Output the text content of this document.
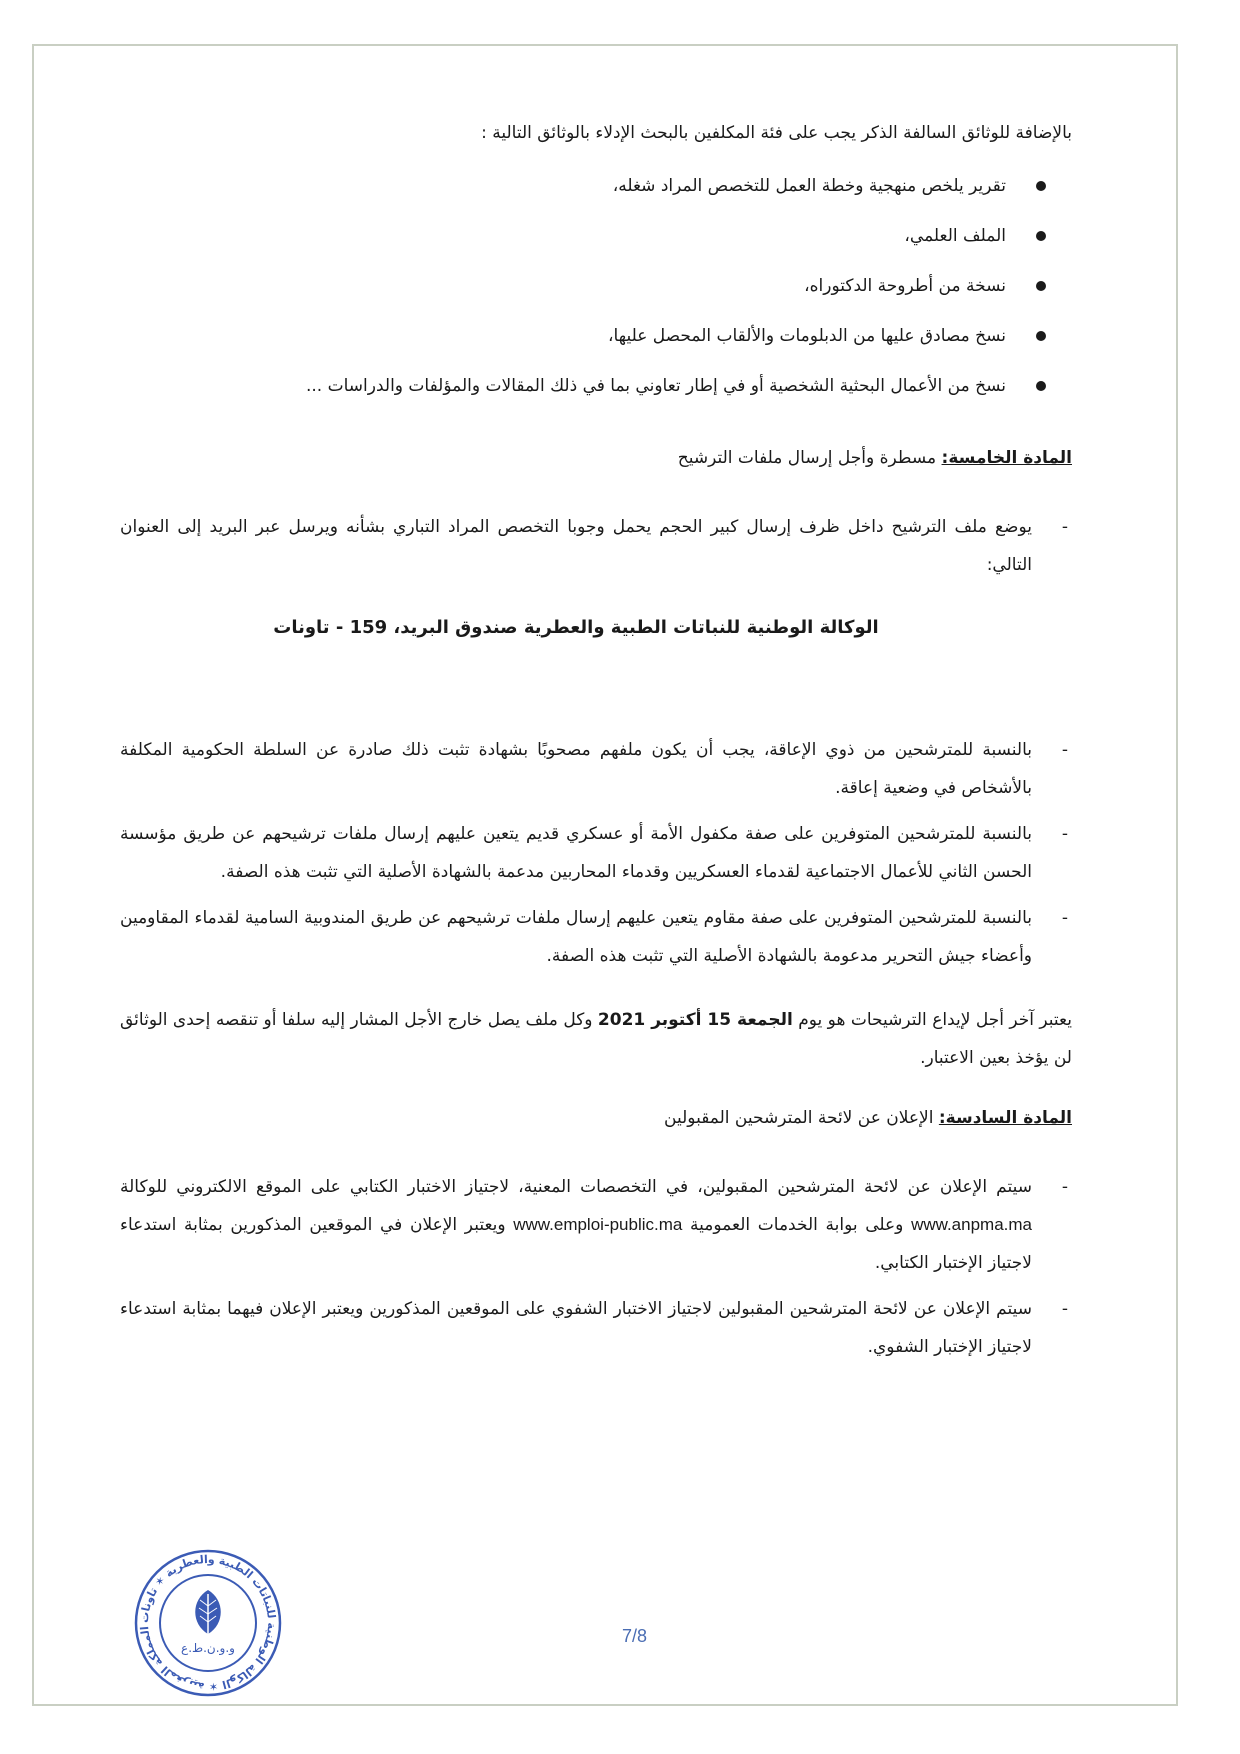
بالإضافة للوثائق السالفة الذكر يجب على فئة المكلفين بالبحث الإدلاء بالوثائق التالية :

تقرير يلخص منهجية وخطة العمل للتخصص المراد شغله،
الملف العلمي،
نسخة من أطروحة الدكتوراه،
نسخ مصادق عليها من الدبلومات والألقاب المحصل عليها،
نسخ من الأعمال البحثية الشخصية أو في إطار تعاوني بما في ذلك المقالات والمؤلفات والدراسات ...

المادة الخامسة: مسطرة وأجل إرسال ملفات الترشيح

- يوضع ملف الترشيح داخل ظرف إرسال كبير الحجم يحمل وجوبا التخصص المراد التباري بشأنه ويرسل عبر البريد إلى العنوان التالي:

الوكالة الوطنية للنباتات الطبية والعطرية صندوق البريد، 159 - تاونات

- بالنسبة للمترشحين من ذوي الإعاقة، يجب أن يكون ملفهم مصحوبًا بشهادة تثبت ذلك صادرة عن السلطة الحكومية المكلفة بالأشخاص في وضعية إعاقة.
- بالنسبة للمترشحين المتوفرين على صفة مكفول الأمة أو عسكري قديم يتعين عليهم إرسال ملفات ترشيحهم عن طريق مؤسسة الحسن الثاني للأعمال الاجتماعية لقدماء العسكريين وقدماء المحاربين مدعمة بالشهادة الأصلية التي تثبت هذه الصفة.
- بالنسبة للمترشحين المتوفرين على صفة مقاوم يتعين عليهم إرسال ملفات ترشيحهم عن طريق المندوبية السامية لقدماء المقاومين وأعضاء جيش التحرير مدعومة بالشهادة الأصلية التي تثبت هذه الصفة.

يعتبر آخر أجل لإيداع الترشيحات هو يوم الجمعة 15 أكتوبر 2021 وكل ملف يصل خارج الأجل المشار إليه سلفا أو تنقصه إحدى الوثائق لن يؤخذ بعين الاعتبار.

المادة السادسة: الإعلان عن لائحة المترشحين المقبولين

- سيتم الإعلان عن لائحة المترشحين المقبولين، في التخصصات المعنية، لاجتياز الاختبار الكتابي على الموقع الالكتروني للوكالة www.anpma.ma وعلى بوابة الخدمات العمومية www.emploi-public.ma ويعتبر الإعلان في الموقعين المذكورين بمثابة استدعاء لاجتياز الإختبار الكتابي.
- سيتم الإعلان عن لائحة المترشحين المقبولين لاجتياز الاختبار الشفوي على الموقعين المذكورين ويعتبر الإعلان فيهما بمثابة استدعاء لاجتياز الإختبار الشفوي.
المملكة المغربية ✶ الوكالة الوطنية للنباتات الطبية والعطرية ✶ تاونات
و.و.ن.ط.ع
7/8
